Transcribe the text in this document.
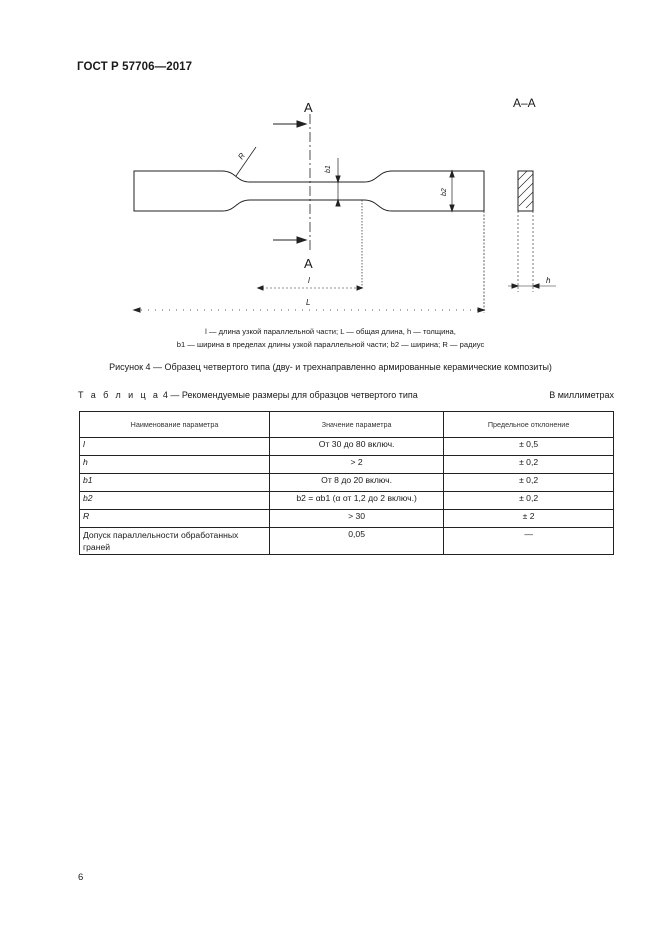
ГОСТ Р 57706—2017
A
A
A–A
R
b1
b2
l
L
h
l — длина узкой параллельной части; L — общая длина, h — толщина,
b1 — ширина в пределах длины узкой параллельной части; b2 — ширина; R — радиус
Рисунок 4 — Образец четвертого типа (дву- и трехнаправленно армированные керамические композиты)
Т а б л и ц а 4 — Рекомендуемые размеры для образцов четвертого типа	В миллиметрах
Наименование параметра	Значение параметра	Предельное отклонение
l	От 30 до 80 включ.	± 0,5
h	> 2	± 0,2
b1	От 8 до 20 включ.	± 0,2
b2	b2 = αb1 (α от 1,2 до 2 включ.)	± 0,2
R	> 30	± 2
Допуск параллельности обработанных граней	0,05	—
6
